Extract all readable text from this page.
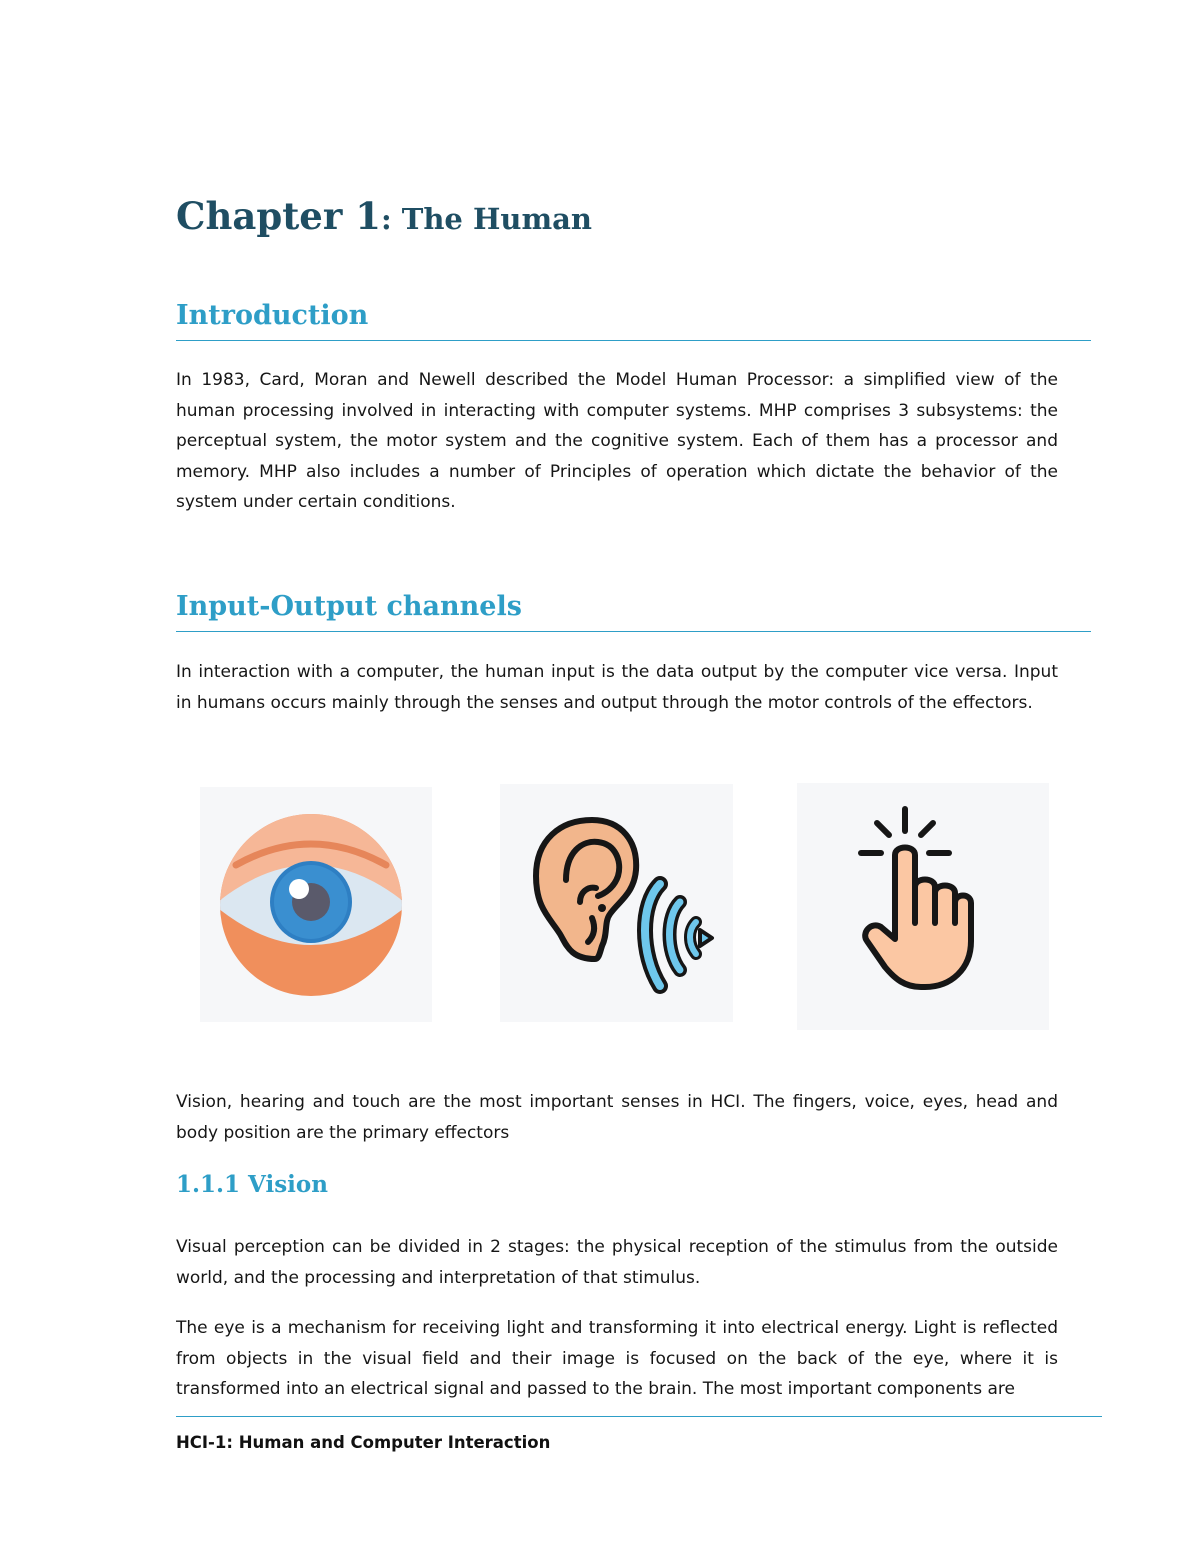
Chapter 1: The Human
Introduction

In 1983, Card, Moran and Newell described the Model Human Processor: a simplified view of the human processing involved in interacting with computer systems. MHP comprises 3 subsystems: the perceptual system, the motor system and the cognitive system. Each of them has a processor and memory. MHP also includes a number of Principles of operation which dictate the behavior of the system under certain conditions.

Input-Output channels

In interaction with a computer, the human input is the data output by the computer vice versa. Input in humans occurs mainly through the senses and output through the motor controls of the effectors.

Vision, hearing and touch are the most important senses in HCI. The fingers, voice, eyes, head and body position are the primary effectors

1.1.1 Vision

Visual perception can be divided in 2 stages: the physical reception of the stimulus from the outside world, and the processing and interpretation of that stimulus.

The eye is a mechanism for receiving light and transforming it into electrical energy. Light is reflected from objects in the visual field and their image is focused on the back of the eye, where it is transformed into an electrical signal and passed to the brain. The most important components are

HCI-1: Human and Computer Interaction
